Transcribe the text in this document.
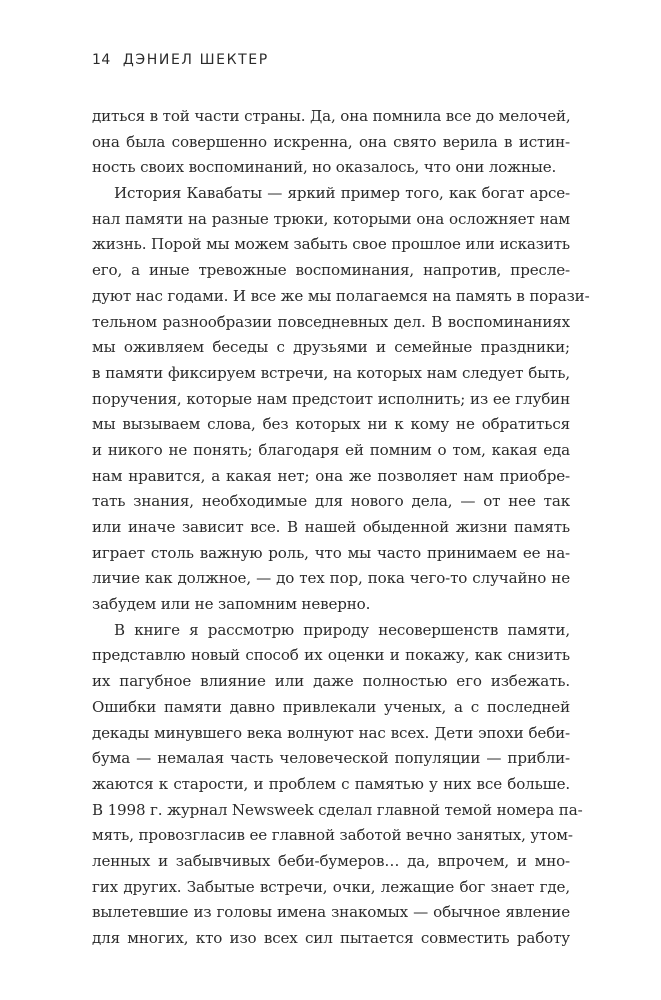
14 ДЭНИЕЛ ШЕКТЕР
диться в той части страны. Да, она помнила все до мелочей,
она была совершенно искренна, она свято верила в истин-
ность своих воспоминаний, но оказалось, что они ложные.
История Кавабаты — яркий пример того, как богат арсе-
нал памяти на разные трюки, которыми она осложняет нам
жизнь. Порой мы можем забыть свое прошлое или исказить
его, а иные тревожные воспоминания, напротив, пресле-
дуют нас годами. И все же мы полагаемся на память в порази-
тельном разнообразии повседневных дел. В воспоминаниях
мы оживляем беседы с друзьями и семейные праздники;
в памяти фиксируем встречи, на которых нам следует быть,
поручения, которые нам предстоит исполнить; из ее глубин
мы вызываем слова, без которых ни к кому не обратиться
и никого не понять; благодаря ей помним о том, какая еда
нам нравится, а какая нет; она же позволяет нам приобре-
тать знания, необходимые для нового дела, — от нее так
или иначе зависит все. В нашей обыденной жизни память
играет столь важную роль, что мы часто принимаем ее на-
личие как должное, — до тех пор, пока чего-то случайно не
забудем или не запомним неверно.
В книге я рассмотрю природу несовершенств памяти,
представлю новый способ их оценки и покажу, как снизить
их пагубное влияние или даже полностью его избежать.
Ошибки памяти давно привлекали ученых, а с последней
декады минувшего века волнуют нас всех. Дети эпохи беби-
бума — немалая часть человеческой популяции — прибли-
жаются к старости, и проблем с памятью у них все больше.
В 1998 г. журнал Newsweek сделал главной темой номера па-
мять, провозгласив ее главной заботой вечно занятых, утом-
ленных и забывчивых беби-бумеров… да, впрочем, и мно-
гих других. Забытые встречи, очки, лежащие бог знает где,
вылетевшие из головы имена знакомых — обычное явление
для многих, кто изо всех сил пытается совместить работу
